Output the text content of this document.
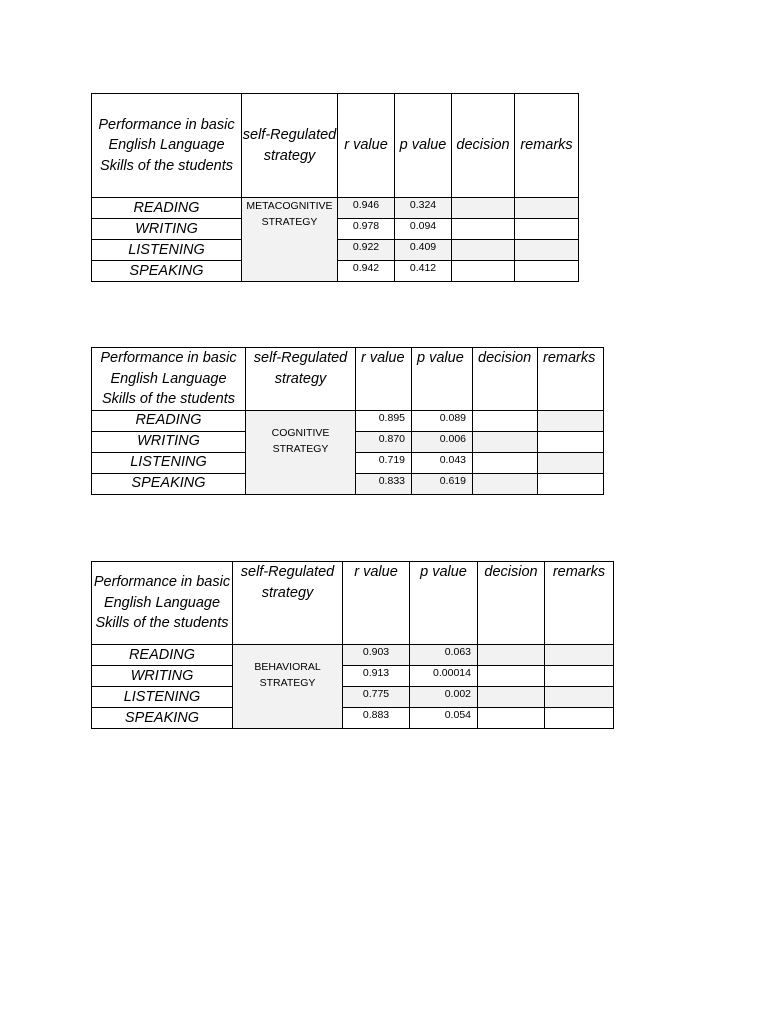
Performance in basic English Language Skills of the students	self-Regulated strategy	r value	p value	decision	remarks
READING	METACOGNITIVE STRATEGY	0.946	0.324		
WRITING		0.978	0.094		
LISTENING		0.922	0.409		
SPEAKING		0.942	0.412		
Performance in basic English Language Skills of the students	self-Regulated strategy	r value	p value	decision	remarks
READING	COGNITIVE STRATEGY	0.895	0.089		
WRITING		0.870	0.006		
LISTENING		0.719	0.043		
SPEAKING		0.833	0.619		
Performance in basic English Language Skills of the students	self-Regulated strategy	r value	p value	decision	remarks
READING	BEHAVIORAL STRATEGY	0.903	0.063		
WRITING		0.913	0.00014		
LISTENING		0.775	0.002		
SPEAKING		0.883	0.054		
